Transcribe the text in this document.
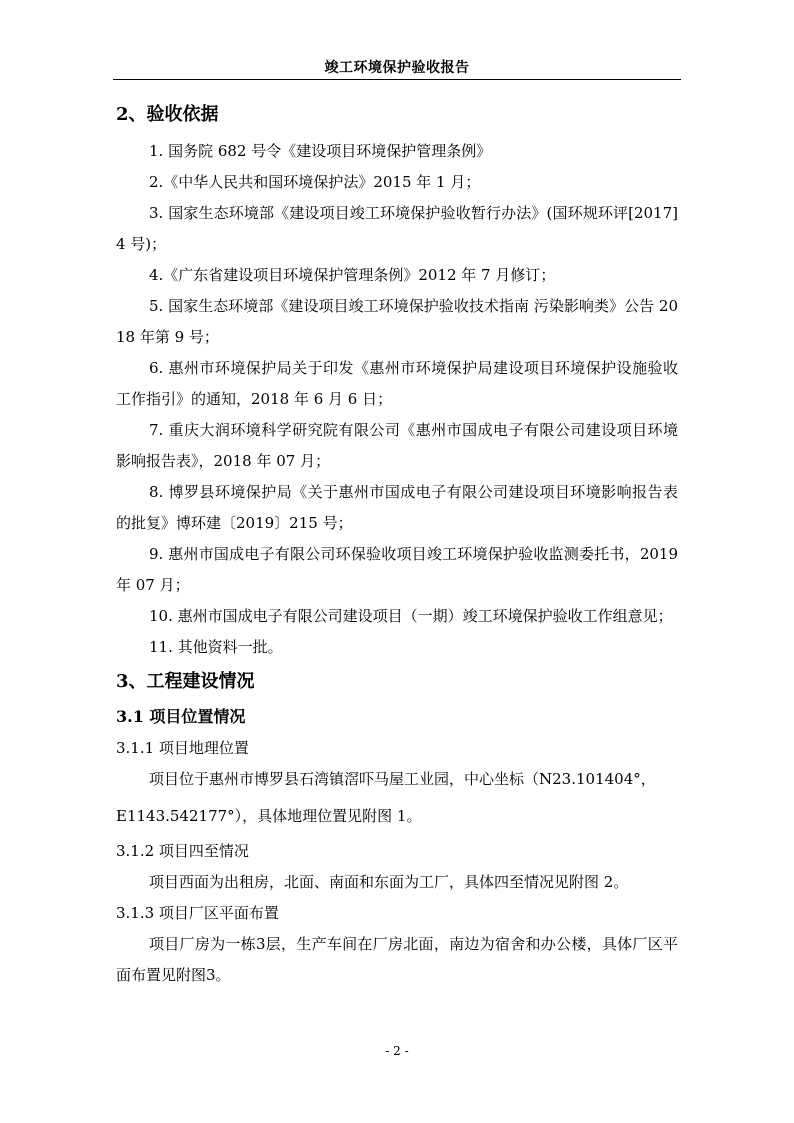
竣工环境保护验收报告
2、验收依据

1. 国务院 682 号令《建设项目环境保护管理条例》

2.《中华人民共和国环境保护法》2015 年 1 月；

3. 国家生态环境部《建设项目竣工环境保护验收暂行办法》(国环规环评[2017]4 号)；

4.《广东省建设项目环境保护管理条例》2012 年 7 月修订；

5. 国家生态环境部《建设项目竣工环境保护验收技术指南 污染影响类》公告 2018 年第 9 号；

6. 惠州市环境保护局关于印发《惠州市环境保护局建设项目环境保护设施验收工作指引》的通知，2018 年 6 月 6 日；

7. 重庆大润环境科学研究院有限公司《惠州市国成电子有限公司建设项目环境影响报告表》，2018 年 07 月；

8. 博罗县环境保护局《关于惠州市国成电子有限公司建设项目环境影响报告表的批复》博环建〔2019〕215 号；

9. 惠州市国成电子有限公司环保验收项目竣工环境保护验收监测委托书，2019 年 07 月；

10. 惠州市国成电子有限公司建设项目（一期）竣工环境保护验收工作组意见；

11. 其他资料一批。

3、工程建设情况
3.1 项目位置情况
3.1.1 项目地理位置

项目位于惠州市博罗县石湾镇滘吓马屋工业园，中心坐标（N23.101404°，

E1143.542177°），具体地理位置见附图 1。

3.1.2 项目四至情况

项目西面为出租房，北面、南面和东面为工厂，具体四至情况见附图 2。

3.1.3 项目厂区平面布置

项目厂房为一栋3层，生产车间在厂房北面，南边为宿舍和办公楼，具体厂区平面布置见附图3。

- 2 -
